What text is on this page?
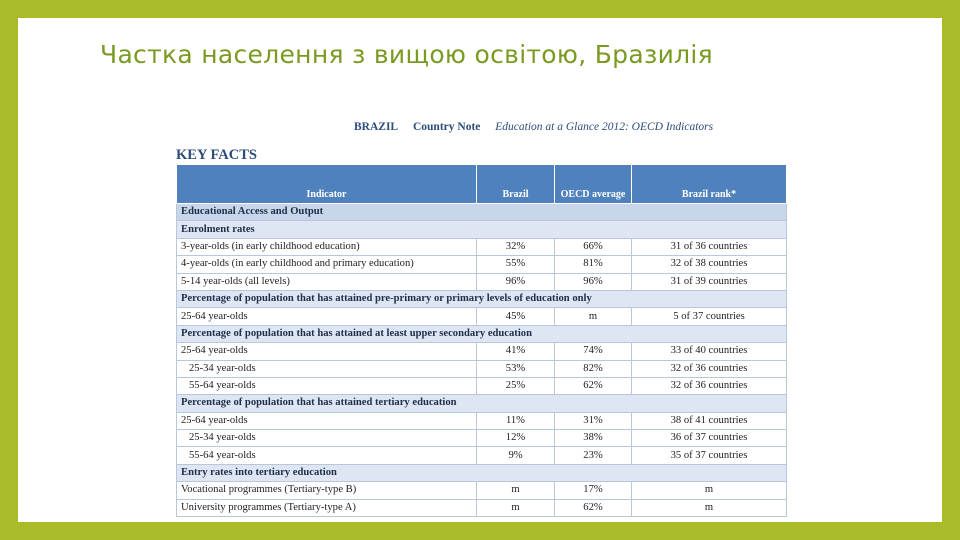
Частка населення з вищою освітою, Бразилія
BRAZIL Country Note Education at a Glance 2012: OECD Indicators
KEY FACTS
Indicator	Brazil	OECD average	Brazil rank*
Educational Access and Output			
Enrolment rates			
3-year-olds (in early childhood education)	32%	66%	31 of 36 countries
4-year-olds (in early childhood and primary education)	55%	81%	32 of 38 countries
5-14 year-olds (all levels)	96%	96%	31 of 39 countries
Percentage of population that has attained pre-primary or primary levels of education only			
25-64 year-olds	45%	m	5 of 37 countries
Percentage of population that has attained at least upper secondary education			
25-64 year-olds	41%	74%	33 of 40 countries
25-34 year-olds	53%	82%	32 of 36 countries
55-64 year-olds	25%	62%	32 of 36 countries
Percentage of population that has attained tertiary education			
25-64 year-olds	11%	31%	38 of 41 countries
25-34 year-olds	12%	38%	36 of 37 countries
55-64 year-olds	9%	23%	35 of 37 countries
Entry rates into tertiary education			
Vocational programmes (Tertiary-type B)	m	17%	m
University programmes (Tertiary-type A)	m	62%	m
